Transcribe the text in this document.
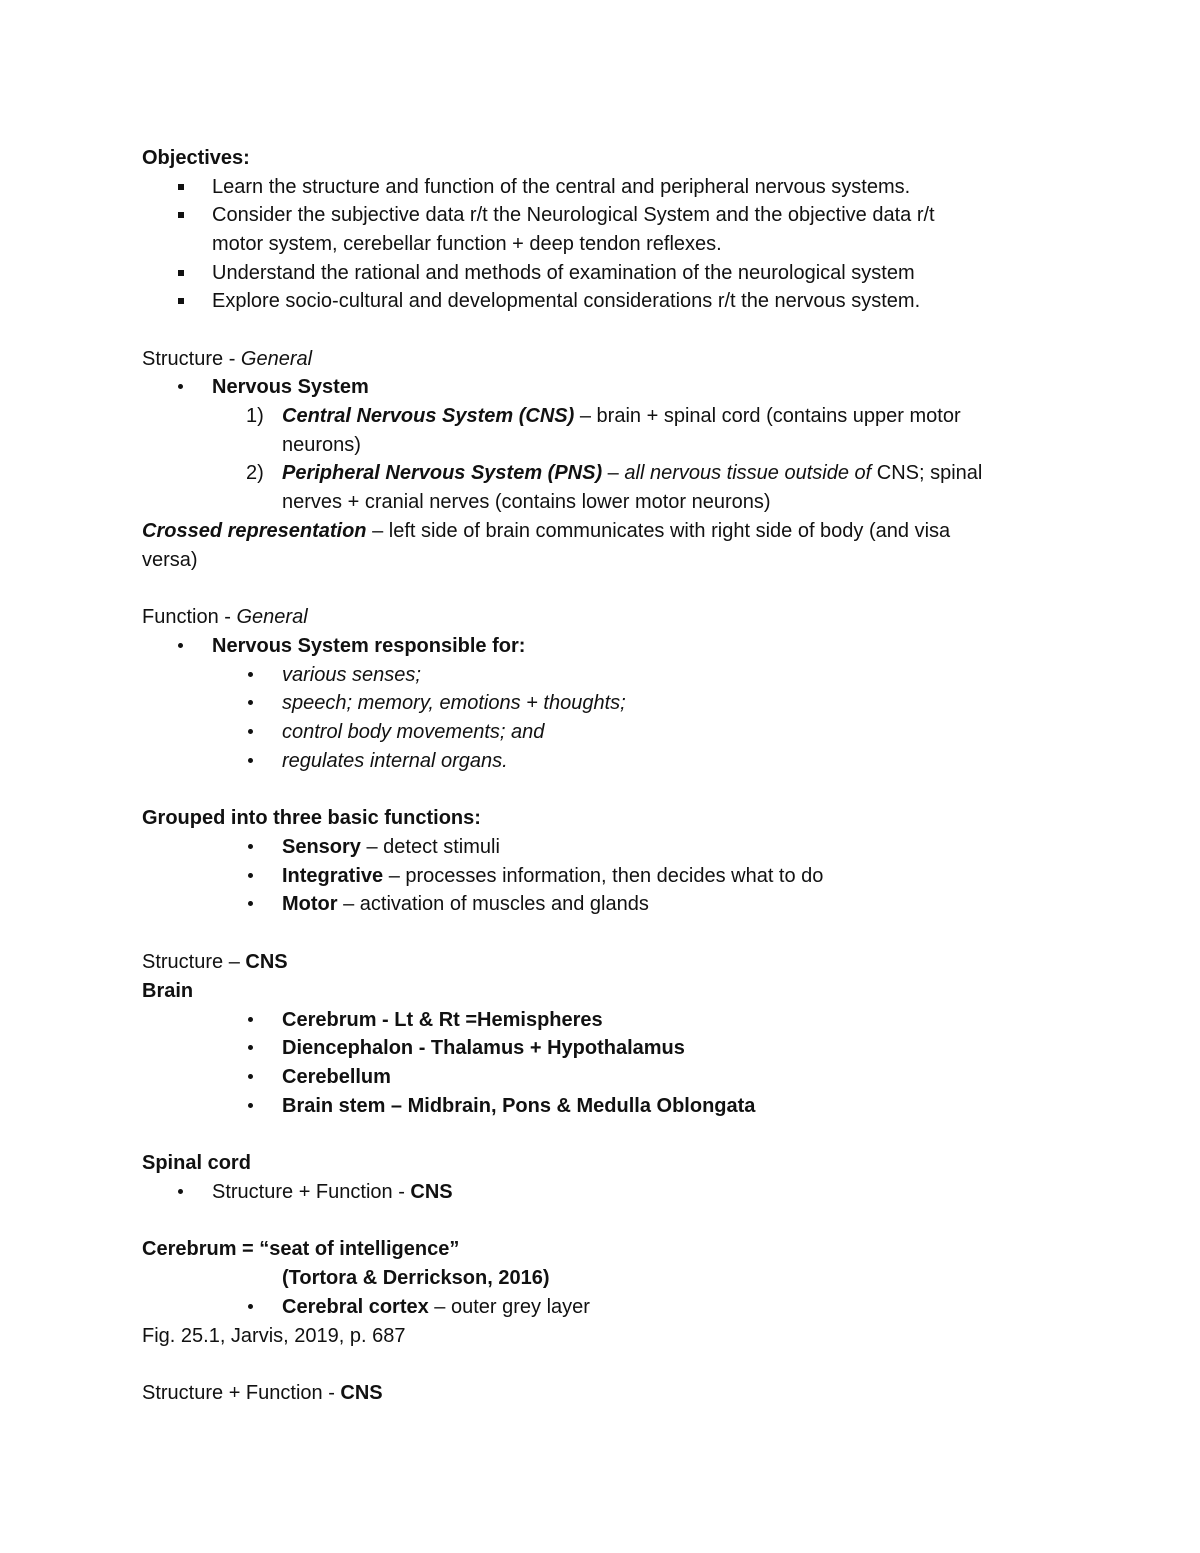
Objectives:
Learn the structure and function of the central and peripheral nervous systems.
Consider the subjective data r/t the Neurological System and the objective data r/t
motor system, cerebellar function + deep tendon reflexes.
Understand the rational and methods of examination of the neurological system
Explore socio-cultural and developmental considerations r/t the nervous system.
Structure - General
Nervous System
1) Central Nervous System (CNS) – brain + spinal cord (contains upper motor
neurons)
2) Peripheral Nervous System (PNS) – all nervous tissue outside of CNS; spinal
nerves + cranial nerves (contains lower motor neurons)
Crossed representation – left side of brain communicates with right side of body (and visa
versa)
Function - General
Nervous System responsible for:
various senses;
speech; memory, emotions + thoughts;
control body movements; and
regulates internal organs.
Grouped into three basic functions:
Sensory – detect stimuli
Integrative – processes information, then decides what to do
Motor – activation of muscles and glands
Structure – CNS
Brain
Cerebrum - Lt & Rt =Hemispheres
Diencephalon - Thalamus + Hypothalamus
Cerebellum
Brain stem – Midbrain, Pons & Medulla Oblongata
Spinal cord
Structure + Function - CNS
Cerebrum = “seat of intelligence”
(Tortora & Derrickson, 2016)
Cerebral cortex – outer grey layer
Fig. 25.1, Jarvis, 2019, p. 687
Structure + Function - CNS
